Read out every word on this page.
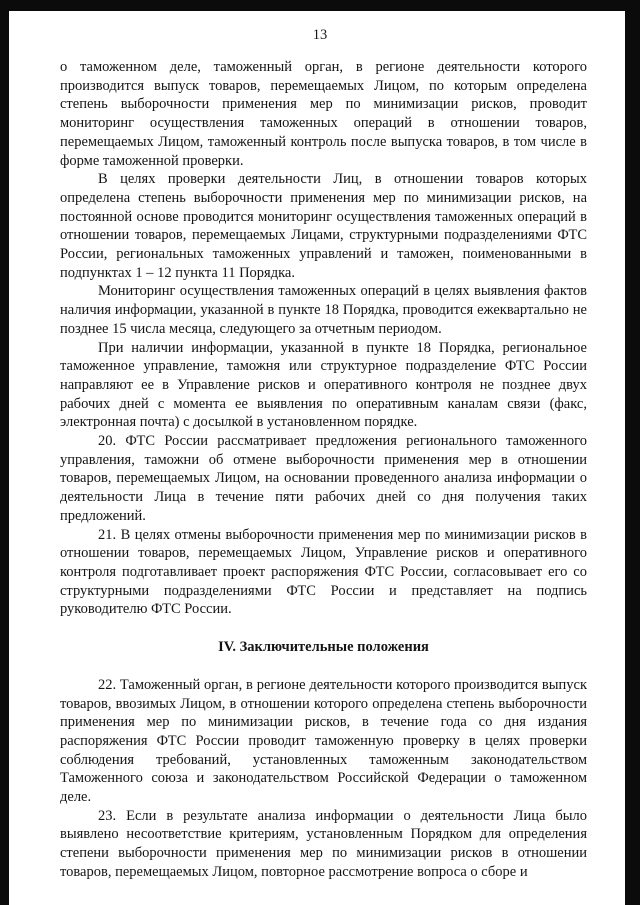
13

о таможенном деле, таможенный орган, в регионе деятельности которого производится выпуск товаров, перемещаемых Лицом, по которым определена степень выборочности применения мер по минимизации рисков, проводит мониторинг осуществления таможенных операций в отношении товаров, перемещаемых Лицом, таможенный контроль после выпуска товаров, в том числе в форме таможенной проверки.

В целях проверки деятельности Лиц, в отношении товаров которых определена степень выборочности применения мер по минимизации рисков, на постоянной основе проводится мониторинг осуществления таможенных операций в отношении товаров, перемещаемых Лицами, структурными подразделениями ФТС России, региональных таможенных управлений и таможен, поименованными в подпунктах 1 – 12 пункта 11 Порядка.

Мониторинг осуществления таможенных операций в целях выявления фактов наличия информации, указанной в пункте 18 Порядка, проводится ежеквартально не позднее 15 числа месяца, следующего за отчетным периодом.

При наличии информации, указанной в пункте 18 Порядка, региональное таможенное управление, таможня или структурное подразделение ФТС России направляют ее в Управление рисков и оперативного контроля не позднее двух рабочих дней с момента ее выявления по оперативным каналам связи (факс, электронная почта) с досылкой в установленном порядке.

20. ФТС России рассматривает предложения регионального таможенного управления, таможни об отмене выборочности применения мер в отношении товаров, перемещаемых Лицом, на основании проведенного анализа информации о деятельности Лица в течение пяти рабочих дней со дня получения таких предложений.

21. В целях отмены выборочности применения мер по минимизации рисков в отношении товаров, перемещаемых Лицом, Управление рисков и оперативного контроля подготавливает проект распоряжения ФТС России, согласовывает его со структурными подразделениями ФТС России и представляет на подпись руководителю ФТС России.

IV. Заключительные положения

22. Таможенный орган, в регионе деятельности которого производится выпуск товаров, ввозимых Лицом, в отношении которого определена степень выборочности применения мер по минимизации рисков, в течение года со дня издания распоряжения ФТС России проводит таможенную проверку в целях проверки соблюдения требований, установленных таможенным законодательством Таможенного союза и законодательством Российской Федерации о таможенном деле.

23. Если в результате анализа информации о деятельности Лица было выявлено несоответствие критериям, установленным Порядком для определения степени выборочности применения мер по минимизации рисков в отношении товаров, перемещаемых Лицом, повторное рассмотрение вопроса о сборе и
